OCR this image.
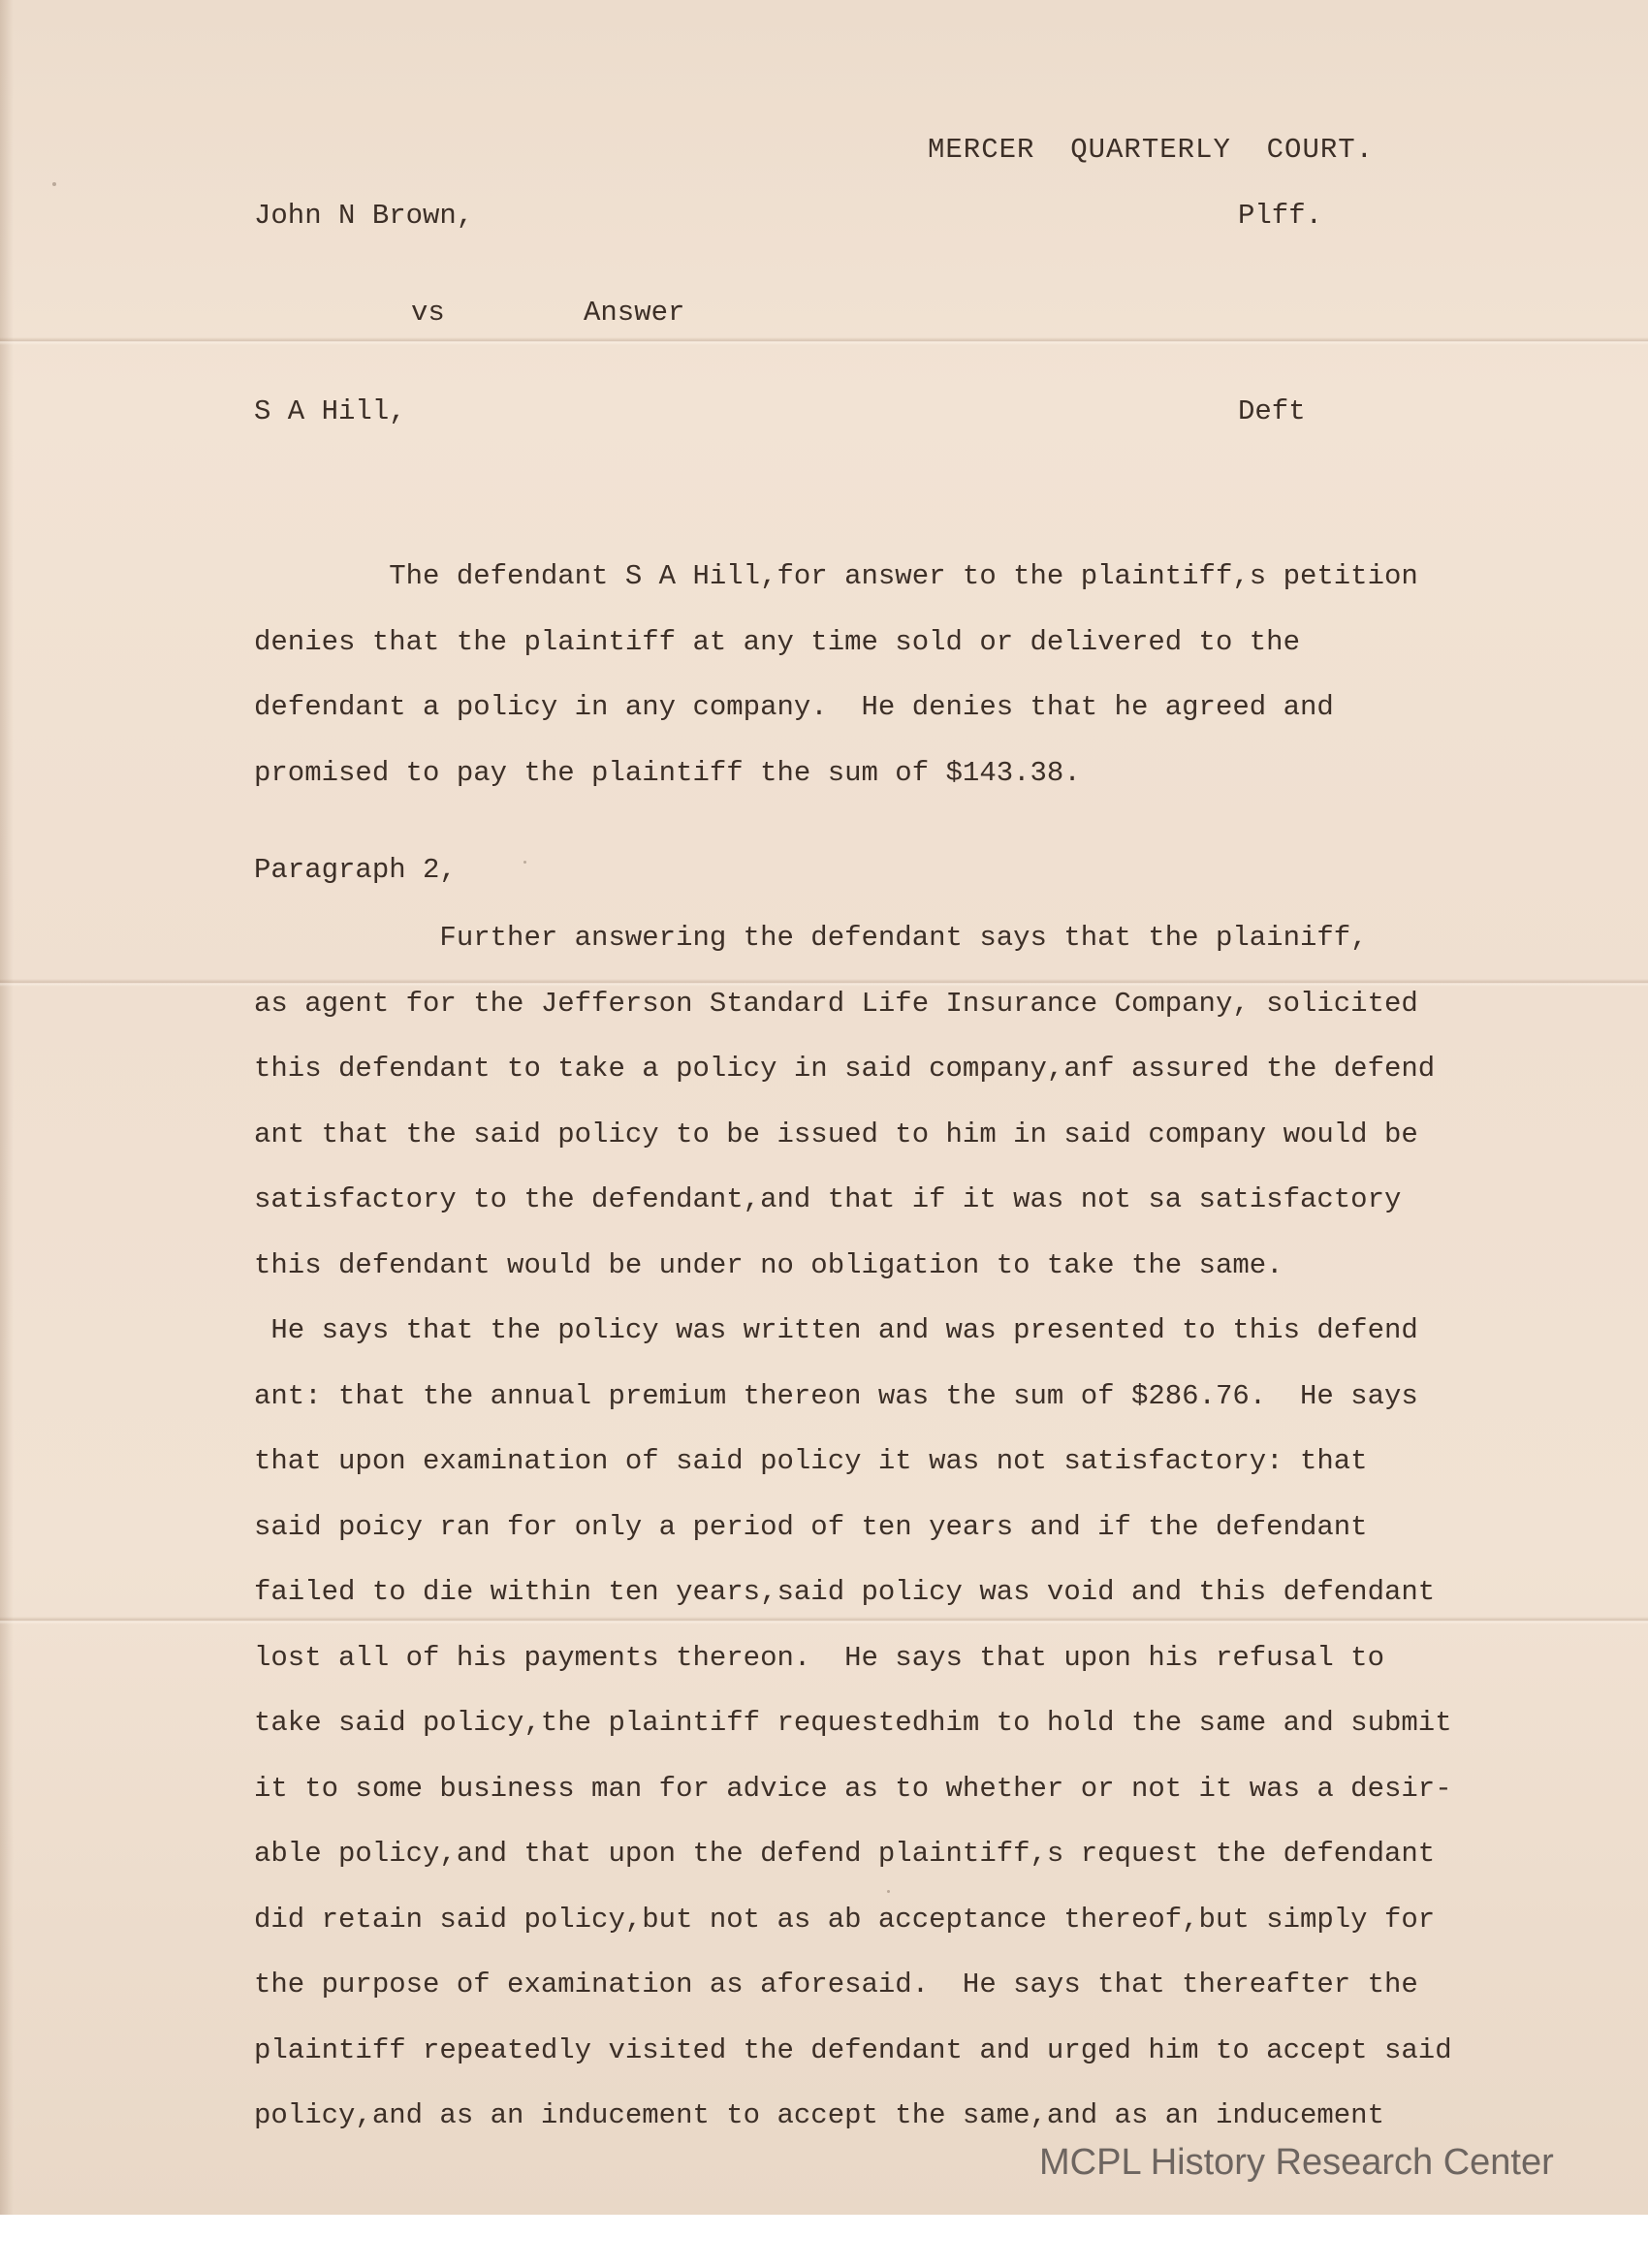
MERCER  QUARTERLY  COURT.
John N Brown,	Plff.
vs	Answer
S A Hill,	Deft
The defendant S A Hill,for answer to the plaintiff,s petition
denies that the plaintiff at any time sold or delivered to the
defendant a policy in any company.  He denies that he agreed and
promised to pay the plaintiff the sum of $143.38.
Paragraph 2,
Further answering the defendant says that the plainiff,
as agent for the Jefferson Standard Life Insurance Company, solicited
this defendant to take a policy in said company,anf assured the defend
ant that the said policy to be issued to him in said company would be
satisfactory to the defendant,and that if it was not sa satisfactory
this defendant would be under no obligation to take the same.
He says that the policy was written and was presented to this defend
ant: that the annual premium thereon was the sum of $286.76.  He says
that upon examination of said policy it was not satisfactory: that
said poicy ran for only a period of ten years and if the defendant
failed to die within ten years,said policy was void and this defendant
lost all of his payments thereon.  He says that upon his refusal to
take said policy,the plaintiff requestedhim to hold the same and submit
it to some business man for advice as to whether or not it was a desir-
able policy,and that upon the defend plaintiff,s request the defendant
did retain said policy,but not as ab acceptance thereof,but simply for
the purpose of examination as aforesaid.  He says that thereafter the
plaintiff repeatedly visited the defendant and urged him to accept said
policy,and as an inducement to accept the same,and as an inducement
MCPL History Research Center
